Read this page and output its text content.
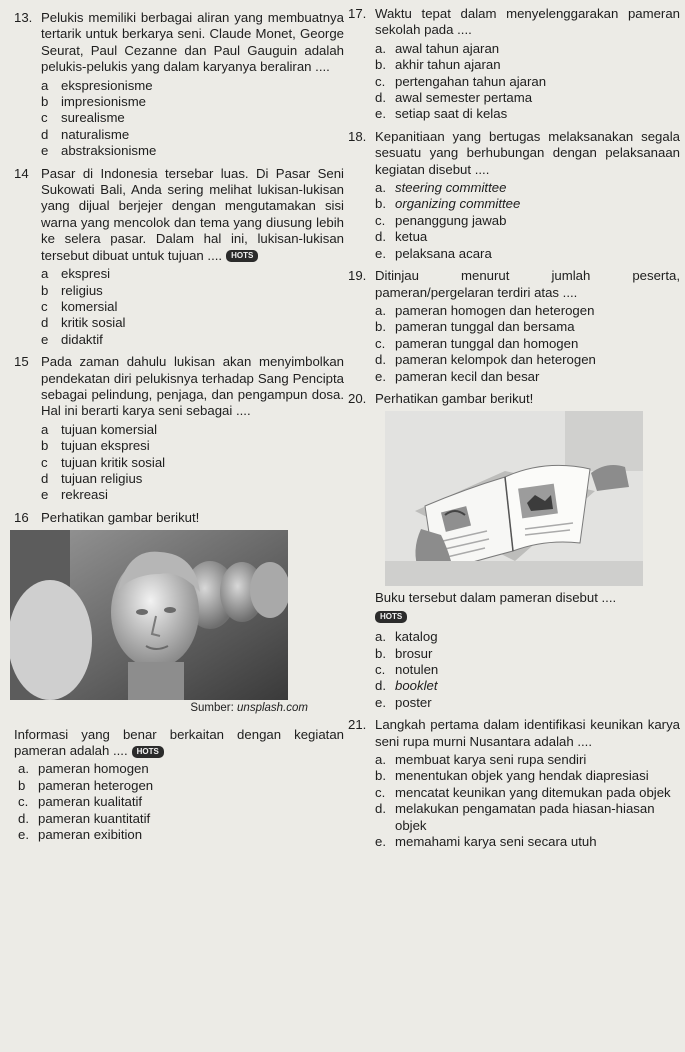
13. Pelukis memiliki berbagai aliran yang membuatnya tertarik untuk berkarya seni. Claude Monet, George Seurat, Paul Cezanne dan Paul Gauguin adalah pelukis-pelukis yang dalam karyanya beraliran ....
a ekspresionisme
b impresionisme
c surealisme
d naturalisme
e abstraksionisme
14 Pasar di Indonesia tersebar luas. Di Pasar Seni Sukowati Bali, Anda sering melihat lukisan-lukisan yang dijual berjejer dengan mengutamakan sisi warna yang mencolok dan tema yang diusung lebih ke selera pasar. Dalam hal ini, lukisan-lukisan tersebut dibuat untuk tujuan .... HOTS
a ekspresi
b religius
c komersial
d kritik sosial
e didaktif
15 Pada zaman dahulu lukisan akan menyimbolkan pendekatan diri pelukisnya terhadap Sang Pencipta sebagai pelindung, penjaga, dan pengampun dosa. Hal ini berarti karya seni sebagai ....
a tujuan komersial
b tujuan ekspresi
c tujuan kritik sosial
d tujuan religius
e rekreasi
16 Perhatikan gambar berikut!
Sumber: unsplash.com
Informasi yang benar berkaitan dengan kegiatan pameran adalah .... HOTS
a. pameran homogen
b pameran heterogen
c. pameran kualitatif
d. pameran kuantitatif
e. pameran exibition
17. Waktu tepat dalam menyelenggarakan pameran sekolah pada ....
a. awal tahun ajaran
b. akhir tahun ajaran
c. pertengahan tahun ajaran
d. awal semester pertama
e. setiap saat di kelas
18. Kepanitiaan yang bertugas melaksanakan segala sesuatu yang berhubungan dengan pelaksanaan kegiatan disebut ....
a. steering committee
b. organizing committee
c. penanggung jawab
d. ketua
e. pelaksana acara
19. Ditinjau menurut jumlah peserta, pameran/pergelaran terdiri atas ....
a. pameran homogen dan heterogen
b. pameran tunggal dan bersama
c. pameran tunggal dan homogen
d. pameran kelompok dan heterogen
e. pameran kecil dan besar
20. Perhatikan gambar berikut!
Buku tersebut dalam pameran disebut ....
HOTS
a. katalog
b. brosur
c. notulen
d. booklet
e. poster
21. Langkah pertama dalam identifikasi keunikan karya seni rupa murni Nusantara adalah ....
a. membuat karya seni rupa sendiri
b. menentukan objek yang hendak diapresiasi
c. mencatat keunikan yang ditemukan pada objek
d. melakukan pengamatan pada hiasan-hiasan objek
e. memahami karya seni secara utuh
